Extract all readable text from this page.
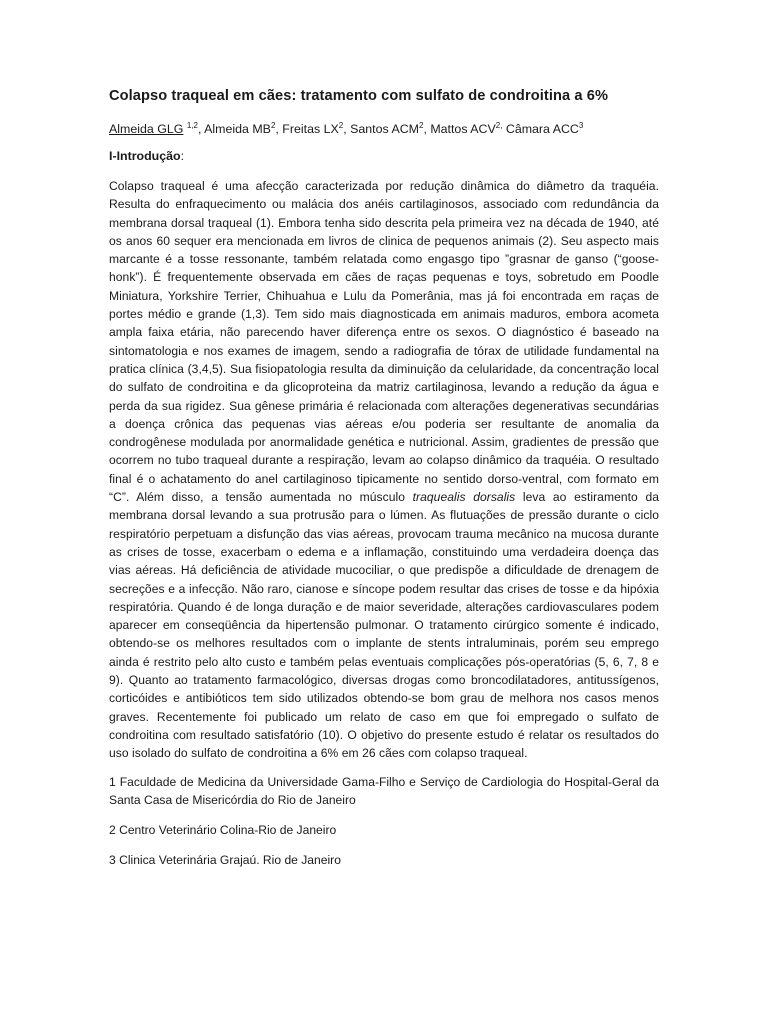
Colapso traqueal em cães: tratamento com sulfato de condroitina a 6%

Almeida GLG $^{1,2}$, Almeida $MB^2$, Freitas $LX^2$, Santos ACM$^2$, Mattos $ACV^{2,}$ Câmara ACC$^3$

I-Introdução:

Colapso traqueal é uma afecção caracterizada por redução dinâmica do diâmetro da traquéia. Resulta do enfraquecimento ou malácia dos anéis cartilaginosos, associado com redundância da membrana dorsal traqueal (1). Embora tenha sido descrita pela primeira vez na década de 1940, até os anos 60 sequer era mencionada em livros de clinica de pequenos animais (2). Seu aspecto mais marcante é a tosse ressonante, também relatada como engasgo tipo ”grasnar de ganso (“goose-honk”). É frequentemente observada em cães de raças pequenas e toys, sobretudo em Poodle Miniatura, Yorkshire Terrier, Chihuahua e Lulu da Pomerânia, mas já foi encontrada em raças de portes médio e grande (1,3). Tem sido mais diagnosticada em animais maduros, embora acometa ampla faixa etária, não parecendo haver diferença entre os sexos. O diagnóstico é baseado na sintomatologia e nos exames de imagem, sendo a radiografia de tórax de utilidade fundamental na pratica clínica (3,4,5). Sua fisiopatologia resulta da diminuição da celularidade, da concentração local do sulfato de condroitina e da glicoproteina da matriz cartilaginosa, levando a redução da água e perda da sua rigidez. Sua gênese primária é relacionada com alterações degenerativas secundárias a doença crônica das pequenas vias aéreas e/ou poderia ser resultante de anomalia da condrogênese modulada por anormalidade genética e nutricional. Assim, gradientes de pressão que ocorrem no tubo traqueal durante a respiração, levam ao colapso dinâmico da traquéia. O resultado final é o achatamento do anel cartilaginoso tipicamente no sentido dorso-ventral, com formato em “C”. Além disso, a tensão aumentada no músculo traquealis dorsalis leva ao estiramento da membrana dorsal levando a sua protrusão para o lúmen. As flutuações de pressão durante o ciclo respiratório perpetuam a disfunção das vias aéreas, provocam trauma mecânico na mucosa durante as crises de tosse, exacerbam o edema e a inflamação, constituindo uma verdadeira doença das vias aéreas. Há deficiência de atividade mucociliar, o que predispõe a dificuldade de drenagem de secreções e a infecção. Não raro, cianose e síncope podem resultar das crises de tosse e da hipóxia respiratória. Quando é de longa duração e de maior severidade, alterações cardiovasculares podem aparecer em conseqüência da hipertensão pulmonar. O tratamento cirúrgico somente é indicado, obtendo-se os melhores resultados com o implante de stents intraluminais, porém seu emprego ainda é restrito pelo alto custo e também pelas eventuais complicações pós-operatórias (5, 6, 7, 8 e 9). Quanto ao tratamento farmacológico, diversas drogas como broncodilatadores, antitussígenos, corticóides e antibióticos tem sido utilizados obtendo-se bom grau de melhora nos casos menos graves. Recentemente foi publicado um relato de caso em que foi empregado o sulfato de condroitina com resultado satisfatório (10). O objetivo do presente estudo é relatar os resultados do uso isolado do sulfato de condroitina a 6% em 26 cães com colapso traqueal.

1 Faculdade de Medicina da Universidade Gama-Filho e Serviço de Cardiologia do Hospital-Geral da Santa Casa de Misericórdia do Rio de Janeiro

2 Centro Veterinário Colina-Rio de Janeiro

3 Clinica Veterinária Grajaú. Rio de Janeiro
